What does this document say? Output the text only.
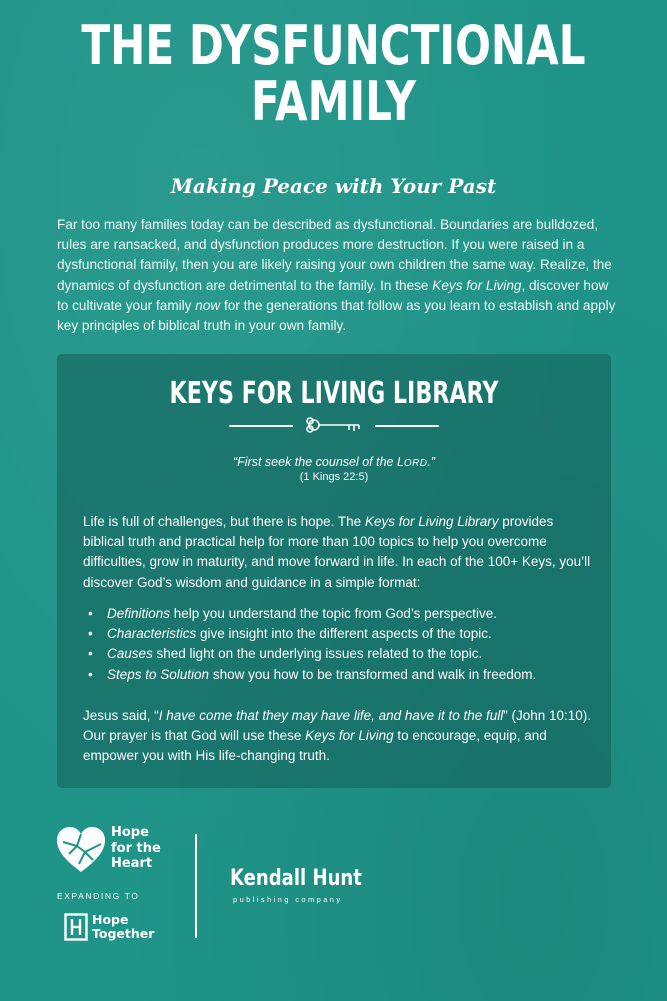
THE DYSFUNCTIONAL
FAMILY
Making Peace with Your Past

Far too many families today can be described as dysfunctional. Boundaries are bulldozed, rules are ransacked, and dysfunction produces more destruction. If you were raised in a dysfunctional family, then you are likely raising your own children the same way. Realize, the dynamics of dysfunction are detrimental to the family. In these Keys for Living, discover how to cultivate your family now for the generations that follow as you learn to establish and apply key principles of biblical truth in your own family.

KEYS FOR LIVING LIBRARY
“First seek the counsel of the LORD.”
(1 Kings 22:5)

Life is full of challenges, but there is hope. The Keys for Living Library provides biblical truth and practical help for more than 100 topics to help you overcome difficulties, grow in maturity, and move forward in life. In each of the 100+ Keys, you’ll discover God’s wisdom and guidance in a simple format:

• Definitions help you understand the topic from God’s perspective.
• Characteristics give insight into the different aspects of the topic.
• Causes shed light on the underlying issues related to the topic.
• Steps to Solution show you how to be transformed and walk in freedom.

Jesus said, “I have come that they may have life, and have it to the full” (John 10:10). Our prayer is that God will use these Keys for Living to encourage, equip, and empower you with His life-changing truth.

Hope
for the
Heart
EXPANDING TO
Hope
Together
Kendall Hunt
publishing company
